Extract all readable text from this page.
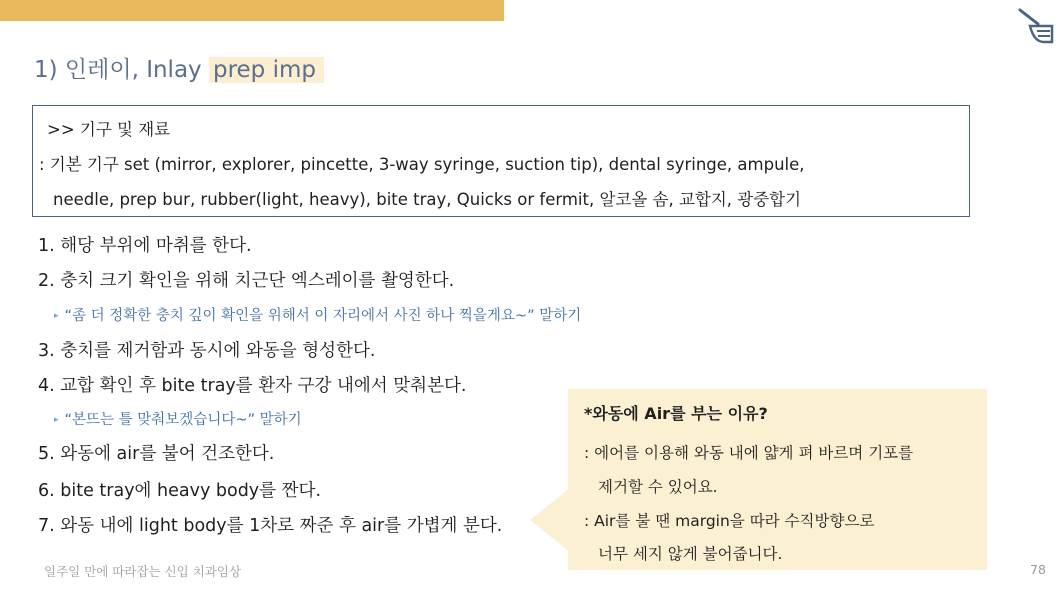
1) 인레이, Inlay prep imp
>> 기구 및 재료
: 기본 기구 set (mirror, explorer, pincette, 3-way syringe, suction tip), dental syringe, ampule,
needle, prep bur, rubber(light, heavy), bite tray, Quicks or fermit, 알코올 솜, 교합지, 광중합기
1. 해당 부위에 마취를 한다.
2. 충치 크기 확인을 위해 치근단 엑스레이를 촬영한다.
▸ “좀 더 정확한 충치 깊이 확인을 위해서 이 자리에서 사진 하나 찍을게요~” 말하기
3. 충치를 제거함과 동시에 와동을 형성한다.
4. 교합 확인 후 bite tray를 환자 구강 내에서 맞춰본다.
▸ “본뜨는 틀 맞춰보겠습니다~” 말하기
5. 와동에 air를 불어 건조한다.
6. bite tray에 heavy body를 짠다.
7. 와동 내에 light body를 1차로 짜준 후 air를 가볍게 분다.
*와동에 Air를 부는 이유?
: 에어를 이용해 와동 내에 얇게 펴 바르며 기포를
제거할 수 있어요.
: Air를 불 땐 margin을 따라 수직방향으로
너무 세지 않게 불어줍니다.
일주일 만에 따라잡는 신입 치과임상	78
